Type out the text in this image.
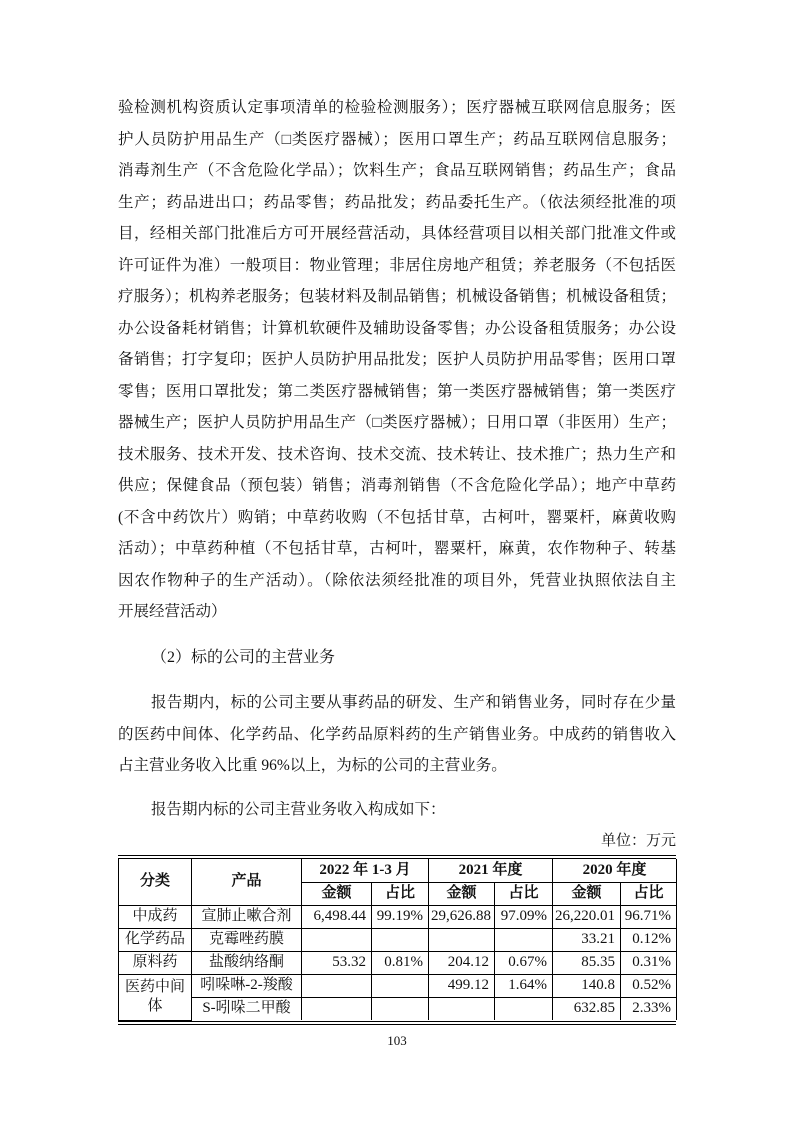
验检测机构资质认定事项清单的检验检测服务）；医疗器械互联网信息服务；医
护人员防护用品生产（□类医疗器械）；医用口罩生产；药品互联网信息服务；
消毒剂生产（不含危险化学品）；饮料生产；食品互联网销售；药品生产；食品
生产；药品进出口；药品零售；药品批发；药品委托生产。（依法须经批准的项
目，经相关部门批准后方可开展经营活动，具体经营项目以相关部门批准文件或
许可证件为准）一般项目：物业管理；非居住房地产租赁；养老服务（不包括医
疗服务）；机构养老服务；包装材料及制品销售；机械设备销售；机械设备租赁；
办公设备耗材销售；计算机软硬件及辅助设备零售；办公设备租赁服务；办公设
备销售；打字复印；医护人员防护用品批发；医护人员防护用品零售；医用口罩
零售；医用口罩批发；第二类医疗器械销售；第一类医疗器械销售；第一类医疗
器械生产；医护人员防护用品生产（□类医疗器械）；日用口罩（非医用）生产；
技术服务、技术开发、技术咨询、技术交流、技术转让、技术推广；热力生产和
供应；保健食品（预包装）销售；消毒剂销售（不含危险化学品）；地产中草药
(不含中药饮片）购销；中草药收购（不包括甘草，古柯叶，罂粟杆，麻黄收购
活动）；中草药种植（不包括甘草，古柯叶，罂粟杆，麻黄，农作物种子、转基
因农作物种子的生产活动）。（除依法须经批准的项目外，凭营业执照依法自主
开展经营活动）
（2）标的公司的主营业务
报告期内，标的公司主要从事药品的研发、生产和销售业务，同时存在少量
的医药中间体、化学药品、化学药品原料药的生产销售业务。中成药的销售收入
占主营业务收入比重 96%以上，为标的公司的主营业务。
报告期内标的公司主营业务收入构成如下：
单位：万元
分类	产品	2022 年 1-3 月		2021 年度		2020 年度	
		金额	占比	金额	占比	金额	占比
中成药	宣肺止嗽合剂	6,498.44	99.19%	29,626.88	97.09%	26,220.01	96.71%
化学药品	克霉唑药膜					33.21	0.12%
原料药	盐酸纳络酮	53.32	0.81%	204.12	0.67%	85.35	0.31%
医药中间体	吲哚啉-2-羧酸			499.12	1.64%	140.8	0.52%
	S-吲哚二甲酸					632.85	2.33%
103
